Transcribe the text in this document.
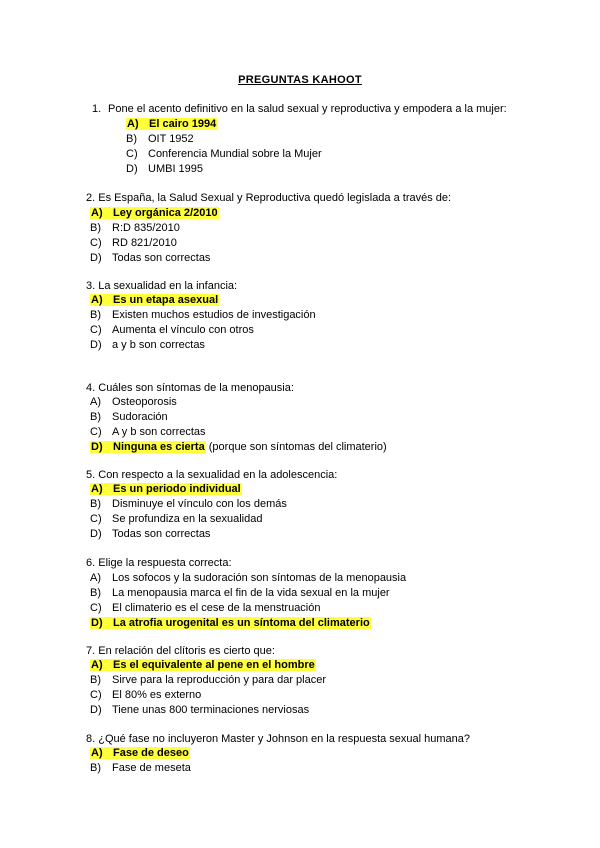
PREGUNTAS KAHOOT
1. Pone el acento definitivo en la salud sexual y reproductiva y empodera a la mujer:
A) El cairo 1994
B) OIT 1952
C) Conferencia Mundial sobre la Mujer
D) UMBI 1995
2. Es España, la Salud Sexual y Reproductiva quedó legislada a través de:
A) Ley orgánica 2/2010
B) R:D 835/2010
C) RD 821/2010
D) Todas son correctas
3. La sexualidad en la infancia:
A) Es un etapa asexual
B) Existen muchos estudios de investigación
C) Aumenta el vínculo con otros
D) a y b son correctas
4. Cuáles son síntomas de la menopausia:
A) Osteoporosis
B) Sudoración
C) A y b son correctas
D) Ninguna es cierta (porque son síntomas del climaterio)
5. Con respecto a la sexualidad en la adolescencia:
A) Es un periodo individual
B) Disminuye el vínculo con los demás
C) Se profundiza en la sexualidad
D) Todas son correctas
6. Elige la respuesta correcta:
A) Los sofocos y la sudoración son síntomas de la menopausia
B) La menopausia marca el fin de la vida sexual en la mujer
C) El climaterio es el cese de la menstruación
D) La atrofia urogenital es un síntoma del climaterio
7. En relación del clítoris es cierto que:
A) Es el equivalente al pene en el hombre
B) Sirve para la reproducción y para dar placer
C) El 80% es externo
D) Tiene unas 800 terminaciones nerviosas
8. ¿Qué fase no incluyeron Master y Johnson en la respuesta sexual humana?
A) Fase de deseo
B) Fase de meseta
